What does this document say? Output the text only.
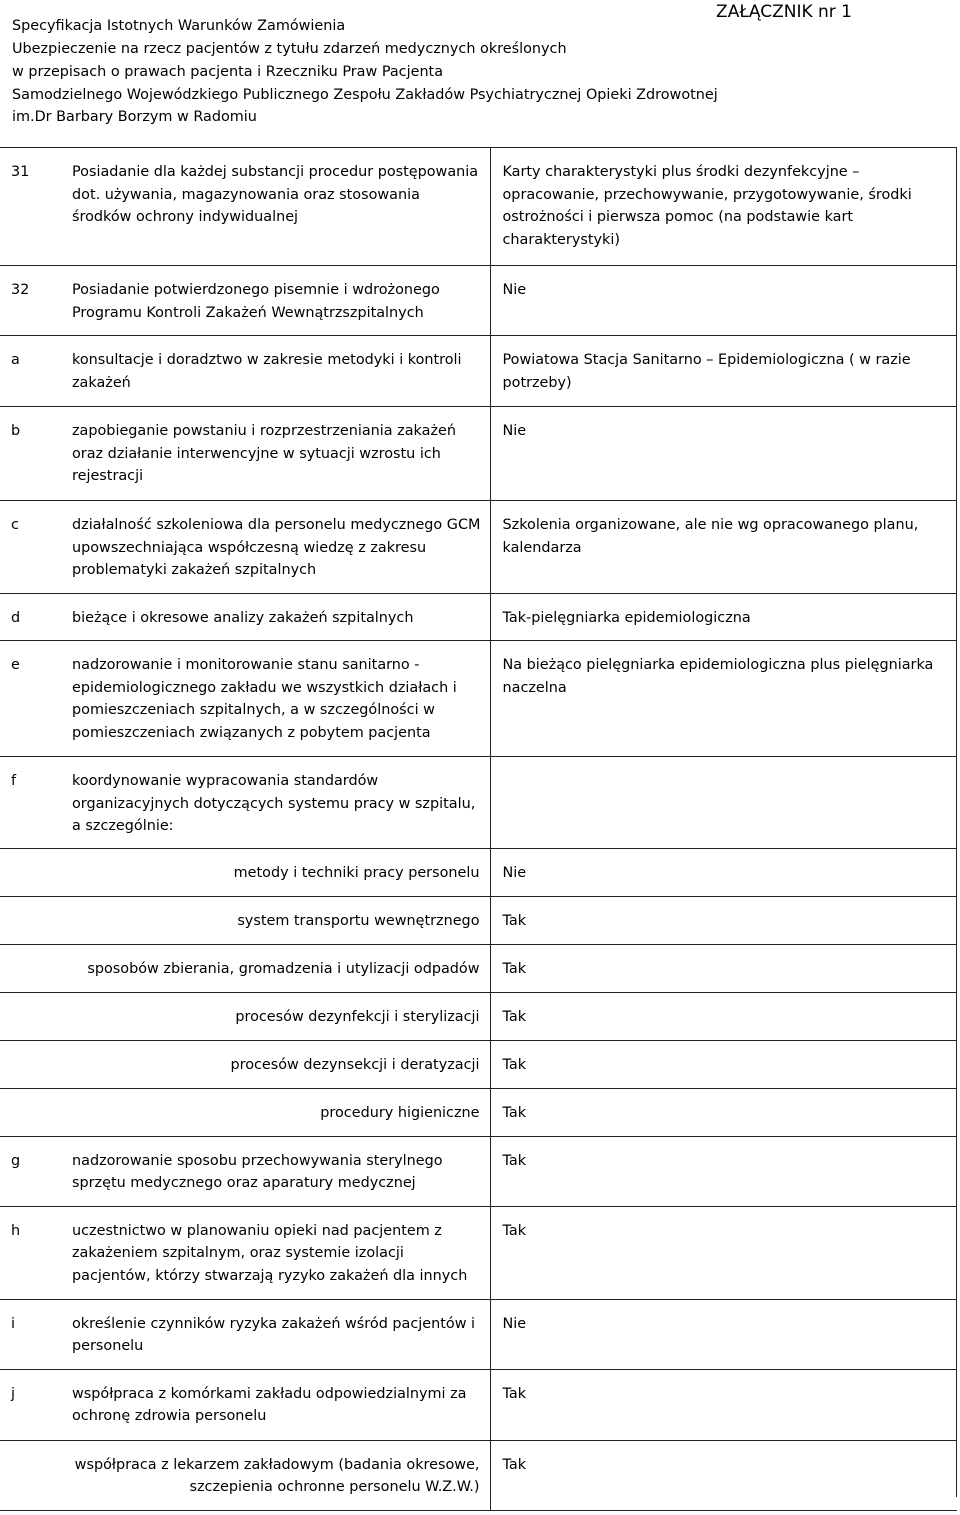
Specyfikacja Istotnych Warunków Zamówienia
Ubezpieczenie na rzecz pacjentów z tytułu zdarzeń medycznych określonych
w przepisach o prawach pacjenta i Rzeczniku Praw Pacjenta
Samodzielnego Wojewódzkiego Publicznego Zespołu Zakładów Psychiatrycznej Opieki Zdrowotnej
im.Dr Barbary Borzym w Radomiu
ZAŁĄCZNIK nr 1
31	Posiadanie dla każdej substancji procedur postępowania dot. używania, magazynowania oraz stosowania środków ochrony indywidualnej	Karty charakterystyki plus środki dezynfekcyjne – opracowanie, przechowywanie, przygotowywanie, środki ostrożności i pierwsza pomoc (na podstawie kart charakterystyki)
32	Posiadanie potwierdzonego pisemnie i wdrożonego Programu Kontroli Zakażeń Wewnątrzszpitalnych	Nie
a	konsultacje i doradztwo w zakresie metodyki i kontroli zakażeń	Powiatowa Stacja Sanitarno – Epidemiologiczna ( w razie potrzeby)
b	zapobieganie powstaniu i rozprzestrzeniania zakażeń oraz działanie interwencyjne w sytuacji wzrostu ich rejestracji	Nie
c	działalność szkoleniowa dla personelu medycznego GCM upowszechniająca współczesną wiedzę z zakresu problematyki zakażeń szpitalnych	Szkolenia organizowane, ale nie wg opracowanego planu, kalendarza
d	bieżące i okresowe analizy zakażeń szpitalnych	Tak-pielęgniarka epidemiologiczna
e	nadzorowanie i monitorowanie stanu sanitarno - epidemiologicznego zakładu we wszystkich działach i pomieszczeniach szpitalnych, a w szczególności w pomieszczeniach związanych z pobytem pacjenta	Na bieżąco pielęgniarka epidemiologiczna plus pielęgniarka naczelna
f	koordynowanie wypracowania standardów organizacyjnych dotyczących systemu pracy w szpitalu, a szczególnie:	
	metody i techniki pracy personelu	Nie
	system transportu wewnętrznego	Tak
	sposobów zbierania, gromadzenia i utylizacji odpadów	Tak
	procesów dezynfekcji i sterylizacji	Tak
	procesów dezynsekcji i deratyzacji	Tak
	procedury higieniczne	Tak
g	nadzorowanie sposobu przechowywania sterylnego sprzętu medycznego oraz aparatury medycznej	Tak
h	uczestnictwo w planowaniu opieki nad pacjentem z zakażeniem szpitalnym, oraz systemie izolacji pacjentów, którzy stwarzają ryzyko zakażeń dla innych	Tak
i	określenie czynników ryzyka zakażeń wśród pacjentów i personelu	Nie
j	współpraca z komórkami zakładu odpowiedzialnymi za ochronę zdrowia personelu	Tak
	współpraca z lekarzem zakładowym (badania okresowe, szczepienia ochronne personelu W.Z.W.)	Tak
